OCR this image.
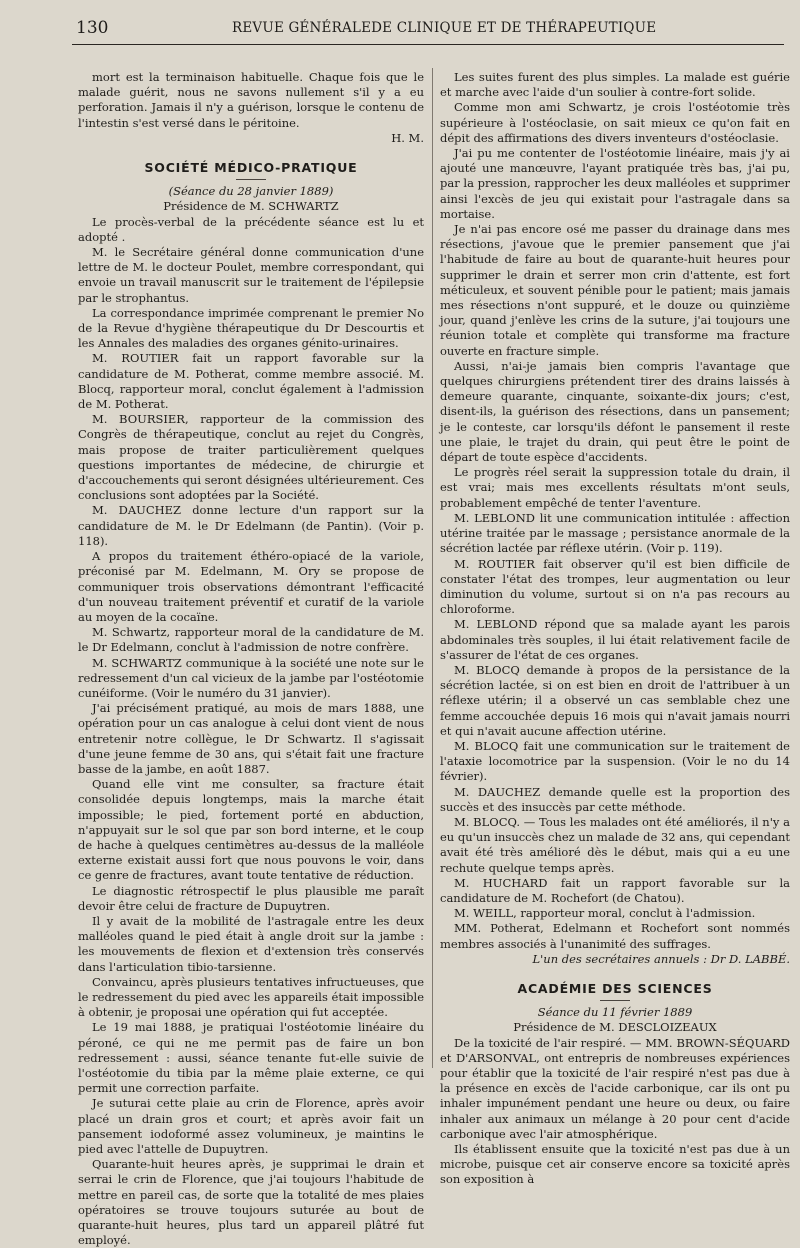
130	REVUE GÉNÉRALEDE CLINIQUE ET DE THÉRAPEUTIQUE

mort est la terminaison habituelle. Chaque fois que le malade guérit, nous ne savons nullement s'il y a eu perforation. Jamais il n'y a guérison, lorsque le contenu de l'intestin s'est versé dans le péritoine.

H. M.

SOCIÉTÉ MÉDICO-PRATIQUE

(Séance du 28 janvier 1889)

Présidence de M. SCHWARTZ

Le procès-verbal de la précédente séance est lu et adopté .

M. le Secrétaire général donne communication d'une lettre de M. le docteur Poulet, membre correspondant, qui envoie un travail manuscrit sur le traitement de l'épilepsie par le strophantus.

La correspondance imprimée comprenant le premier No de la Revue d'hygiène thérapeutique du Dr Descourtis et les Annales des maladies des organes génito-urinaires.

M. ROUTIER fait un rapport favorable sur la candidature de M. Potherat, comme membre associé. M. Blocq, rapporteur moral, conclut également à l'admission de M. Potherat.

M. BOURSIER, rapporteur de la commission des Congrès de thérapeutique, conclut au rejet du Congrès, mais propose de traiter particulièrement quelques questions importantes de médecine, de chirurgie et d'accouchements qui seront désignées ultérieurement. Ces conclusions sont adoptées par la Société.

M. DAUCHEZ donne lecture d'un rapport sur la candidature de M. le Dr Edelmann (de Pantin). (Voir p. 118).

A propos du traitement éthéro-opiacé de la variole, préconisé par M. Edelmann, M. Ory se propose de communiquer trois observations démontrant l'efficacité d'un nouveau traitement préventif et curatif de la variole au moyen de la cocaïne.

M. Schwartz, rapporteur moral de la candidature de M. le Dr Edelmann, conclut à l'admission de notre confrère.

M. SCHWARTZ communique à la société une note sur le redressement d'un cal vicieux de la jambe par l'ostéotomie cunéiforme. (Voir le numéro du 31 janvier).

J'ai précisément pratiqué, au mois de mars 1888, une opération pour un cas analogue à celui dont vient de nous entretenir notre collègue, le Dr Schwartz. Il s'agissait d'une jeune femme de 30 ans, qui s'était fait une fracture basse de la jambe, en août 1887.

Quand elle vint me consulter, sa fracture était consolidée depuis longtemps, mais la marche était impossible; le pied, fortement porté en abduction, n'appuyait sur le sol que par son bord interne, et le coup de hache à quelques centimètres au-dessus de la malléole externe existait aussi fort que nous pouvons le voir, dans ce genre de fractures, avant toute tentative de réduction.

Le diagnostic rétrospectif le plus plausible me paraît devoir être celui de fracture de Dupuytren.

Il y avait de la mobilité de l'astragale entre les deux malléoles quand le pied était à angle droit sur la jambe : les mouvements de flexion et d'extension très conservés dans l'articulation tibio-tarsienne.

Convaincu, après plusieurs tentatives infructueuses, que le redressement du pied avec les appareils était impossible à obtenir, je proposai une opération qui fut acceptée.

Le 19 mai 1888, je pratiquai l'ostéotomie linéaire du péroné, ce qui ne me permit pas de faire un bon redressement : aussi, séance tenante fut-elle suivie de l'ostéotomie du tibia par la même plaie externe, ce qui permit une correction parfaite.

Je suturai cette plaie au crin de Florence, après avoir placé un drain gros et court; et après avoir fait un pansement iodoformé assez volumineux, je maintins le pied avec l'attelle de Dupuytren.

Quarante-huit heures après, je supprimai le drain et serrai le crin de Florence, que j'ai toujours l'habitude de mettre en pareil cas, de sorte que la totalité de mes plaies opératoires se trouve toujours suturée au bout de quarante-huit heures, plus tard un appareil plâtré fut employé.

Les suites furent des plus simples. La malade est guérie et marche avec l'aide d'un soulier à contre-fort solide.

Comme mon ami Schwartz, je crois l'ostéotomie très supérieure à l'ostéoclasie, on sait mieux ce qu'on fait en dépit des affirmations des divers inventeurs d'ostéoclasie.

J'ai pu me contenter de l'ostéotomie linéaire, mais j'y ai ajouté une manœuvre, l'ayant pratiquée très bas, j'ai pu, par la pression, rapprocher les deux malléoles et supprimer ainsi l'excès de jeu qui existait pour l'astragale dans sa mortaise.

Je n'ai pas encore osé me passer du drainage dans mes résections, j'avoue que le premier pansement que j'ai l'habitude de faire au bout de quarante-huit heures pour supprimer le drain et serrer mon crin d'attente, est fort méticuleux, et souvent pénible pour le patient; mais jamais mes résections n'ont suppuré, et le douze ou quinzième jour, quand j'enlève les crins de la suture, j'ai toujours une réunion totale et complète qui transforme ma fracture ouverte en fracture simple.

Aussi, n'ai-je jamais bien compris l'avantage que quelques chirurgiens prétendent tirer des drains laissés à demeure quarante, cinquante, soixante-dix jours; c'est, disent-ils, la guérison des résections, dans un pansement; je le conteste, car lorsqu'ils défont le pansement il reste une plaie, le trajet du drain, qui peut être le point de départ de toute espèce d'accidents.

Le progrès réel serait la suppression totale du drain, il est vrai; mais mes excellents résultats m'ont seuls, probablement empêché de tenter l'aventure.

M. LEBLOND lit une communication intitulée : affection utérine traitée par le massage ; persistance anormale de la sécrétion lactée par réflexe utérin. (Voir p. 119).

M. ROUTIER fait observer qu'il est bien difficile de constater l'état des trompes, leur augmentation ou leur diminution du volume, surtout si on n'a pas recours au chloroforme.

M. LEBLOND répond que sa malade ayant les parois abdominales très souples, il lui était relativement facile de s'assurer de l'état de ces organes.

M. BLOCQ demande à propos de la persistance de la sécrétion lactée, si on est bien en droit de l'attribuer à un réflexe utérin; il a observé un cas semblable chez une femme accouchée depuis 16 mois qui n'avait jamais nourri et qui n'avait aucune affection utérine.

M. BLOCQ fait une communication sur le traitement de l'ataxie locomotrice par la suspension. (Voir le no du 14 février).

M. DAUCHEZ demande quelle est la proportion des succès et des insuccès par cette méthode.

M. BLOCQ. — Tous les malades ont été améliorés, il n'y a eu qu'un insuccès chez un malade de 32 ans, qui cependant avait été très amélioré dès le début, mais qui a eu une rechute quelque temps après.

M. HUCHARD fait un rapport favorable sur la candidature de M. Rochefort (de Chatou).

M. WEILL, rapporteur moral, conclut à l'admission.

MM. Potherat, Edelmann et Rochefort sont nommés membres associés à l'unanimité des suffrages.

L'un des secrétaires annuels : Dr D. LABBÉ.

ACADÉMIE DES SCIENCES

Séance du 11 février 1889

Présidence de M. DESCLOIZEAUX

De la toxicité de l'air respiré. — MM. BROWN-SÉQUARD et D'ARSONVAL, ont entrepris de nombreuses expériences pour établir que la toxicité de l'air respiré n'est pas due à la présence en excès de l'acide carbonique, car ils ont pu inhaler impunément pendant une heure ou deux, ou faire inhaler aux animaux un mélange à 20 pour cent d'acide carbonique avec l'air atmosphérique.

Ils établissent ensuite que la toxicité n'est pas due à un microbe, puisque cet air conserve encore sa toxicité après son exposition à
